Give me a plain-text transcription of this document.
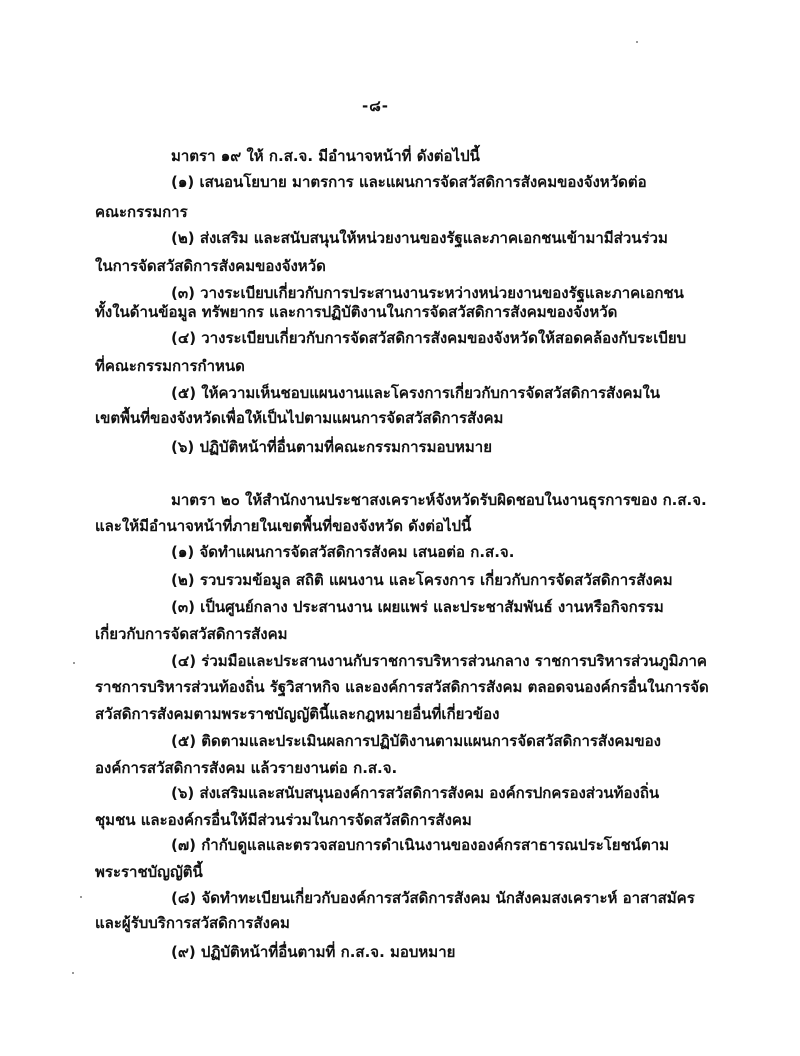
-๘-
มาตรา ๑๙ ให้ ก.ส.จ. มีอำนาจหน้าที่ ดังต่อไปนี้
(๑) เสนอนโยบาย มาตรการ และแผนการจัดสวัสดิการสังคมของจังหวัดต่อ
คณะกรรมการ
(๒) ส่งเสริม และสนับสนุนให้หน่วยงานของรัฐและภาคเอกชนเข้ามามีส่วนร่วม
ในการจัดสวัสดิการสังคมของจังหวัด
(๓) วางระเบียบเกี่ยวกับการประสานงานระหว่างหน่วยงานของรัฐและภาคเอกชน
ทั้งในด้านข้อมูล ทรัพยากร และการปฏิบัติงานในการจัดสวัสดิการสังคมของจังหวัด
(๔) วางระเบียบเกี่ยวกับการจัดสวัสดิการสังคมของจังหวัดให้สอดคล้องกับระเบียบ
ที่คณะกรรมการกำหนด
(๕) ให้ความเห็นชอบแผนงานและโครงการเกี่ยวกับการจัดสวัสดิการสังคมใน
เขตพื้นที่ของจังหวัดเพื่อให้เป็นไปตามแผนการจัดสวัสดิการสังคม
(๖) ปฏิบัติหน้าที่อื่นตามที่คณะกรรมการมอบหมาย
มาตรา ๒๐ ให้สำนักงานประชาสงเคราะห์จังหวัดรับผิดชอบในงานธุรการของ ก.ส.จ.
และให้มีอำนาจหน้าที่ภายในเขตพื้นที่ของจังหวัด ดังต่อไปนี้
(๑) จัดทำแผนการจัดสวัสดิการสังคม เสนอต่อ ก.ส.จ.
(๒) รวบรวมข้อมูล สถิติ แผนงาน และโครงการ เกี่ยวกับการจัดสวัสดิการสังคม
(๓) เป็นศูนย์กลาง ประสานงาน เผยแพร่ และประชาสัมพันธ์ งานหรือกิจกรรม
เกี่ยวกับการจัดสวัสดิการสังคม
(๔) ร่วมมือและประสานงานกับราชการบริหารส่วนกลาง ราชการบริหารส่วนภูมิภาค
ราชการบริหารส่วนท้องถิ่น รัฐวิสาหกิจ และองค์การสวัสดิการสังคม ตลอดจนองค์กรอื่นในการจัด
สวัสดิการสังคมตามพระราชบัญญัตินี้และกฎหมายอื่นที่เกี่ยวข้อง
(๕) ติดตามและประเมินผลการปฏิบัติงานตามแผนการจัดสวัสดิการสังคมของ
องค์การสวัสดิการสังคม แล้วรายงานต่อ ก.ส.จ.
(๖) ส่งเสริมและสนับสนุนองค์การสวัสดิการสังคม องค์กรปกครองส่วนท้องถิ่น
ชุมชน และองค์กรอื่นให้มีส่วนร่วมในการจัดสวัสดิการสังคม
(๗) กำกับดูแลและตรวจสอบการดำเนินงานขององค์กรสาธารณประโยชน์ตาม
พระราชบัญญัตินี้
(๘) จัดทำทะเบียนเกี่ยวกับองค์การสวัสดิการสังคม นักสังคมสงเคราะห์ อาสาสมัคร
และผู้รับบริการสวัสดิการสังคม
(๙) ปฏิบัติหน้าที่อื่นตามที่ ก.ส.จ. มอบหมาย
